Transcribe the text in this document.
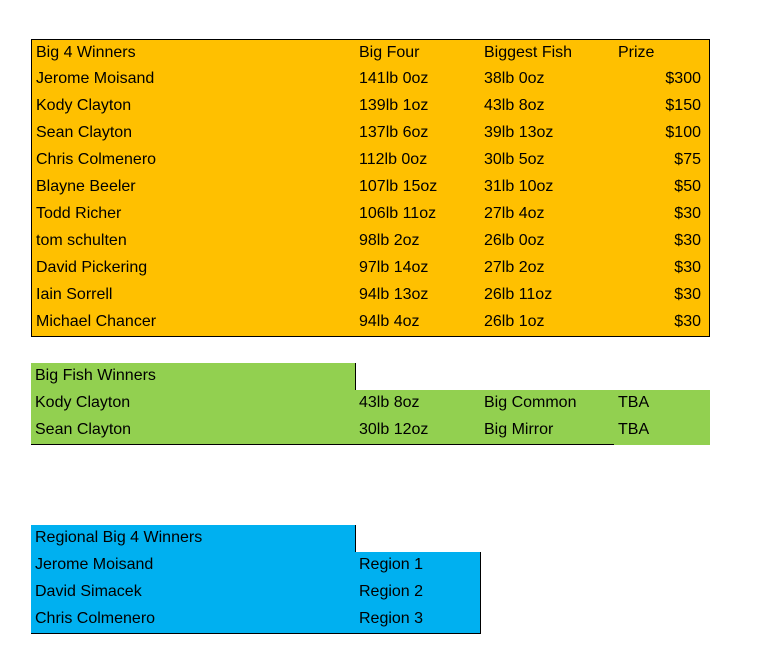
Big 4 Winners	Big Four	Biggest Fish	Prize
Jerome Moisand	141lb 0oz	38lb 0oz	$300
Kody Clayton	139lb 1oz	43lb 8oz	$150
Sean Clayton	137lb 6oz	39lb 13oz	$100
Chris Colmenero	112lb 0oz	30lb 5oz	$75
Blayne Beeler	107lb 15oz	31lb 10oz	$50
Todd Richer	106lb 11oz	27lb 4oz	$30
tom schulten	98lb 2oz	26lb 0oz	$30
David Pickering	97lb 14oz	27lb 2oz	$30
Iain Sorrell	94lb 13oz	26lb 11oz	$30
Michael Chancer	94lb 4oz	26lb 1oz	$30
Big Fish Winners
Kody Clayton	43lb 8oz	Big Common	TBA
Sean Clayton	30lb 12oz	Big Mirror	TBA
Regional Big 4 Winners
Jerome Moisand	Region 1
David Simacek	Region 2
Chris Colmenero	Region 3
